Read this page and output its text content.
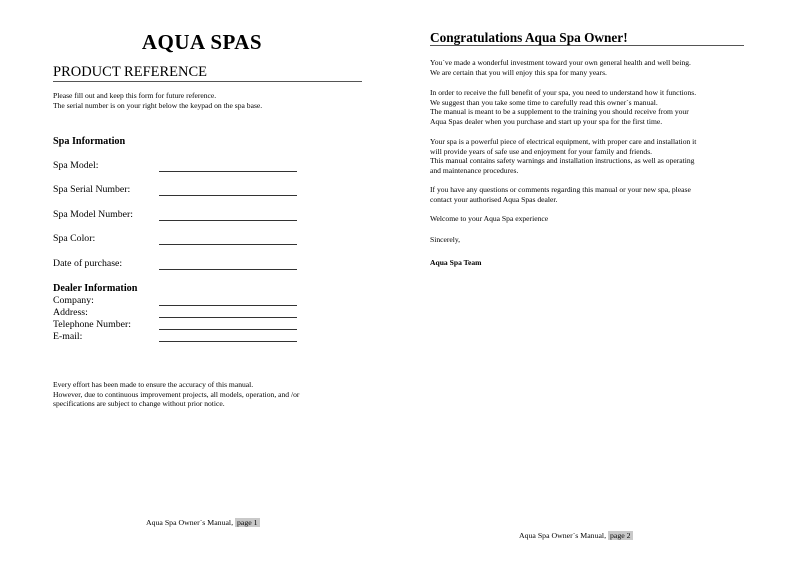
AQUA SPAS
PRODUCT REFERENCE
Please fill out and keep this form for future reference.
The serial number is on your right below the keypad on the spa base.
Spa Information
Spa Model:
Spa Serial Number:
Spa Model Number:
Spa Color:
Date of purchase:
Dealer Information
Company:
Address:
Telephone Number:
E-mail:
Every effort has been made to ensure the accuracy of this manual.
However, due to continuous improvement projects, all models, operation, and /or
specifications are subject to change without prior notice.
Aqua Spa Owner´s Manual, page 1
Congratulations Aqua Spa Owner!
You´ve made a wonderful investment toward your own general health and well being.
We are certain that you will enjoy this spa for many years.
In order to receive the full benefit of your spa, you need to understand how it functions.
We suggest than you take some time to carefully read this owner´s manual.
The manual is meant to be a supplement to the training you should receive from your
Aqua Spas dealer when you purchase and start up your spa for the first time.
Your spa is a powerful piece of electrical equipment, with proper care and installation it
will provide years of safe use and enjoyment for your family and friends.
This manual contains safety warnings and installation instructions, as well as operating
and maintenance procedures.
If you have any questions or comments regarding this manual or your new spa, please
contact your authorised Aqua Spas dealer.
Welcome to your Aqua Spa experience
Sincerely,
Aqua Spa Team
Aqua Spa Owner´s Manual, page 2
